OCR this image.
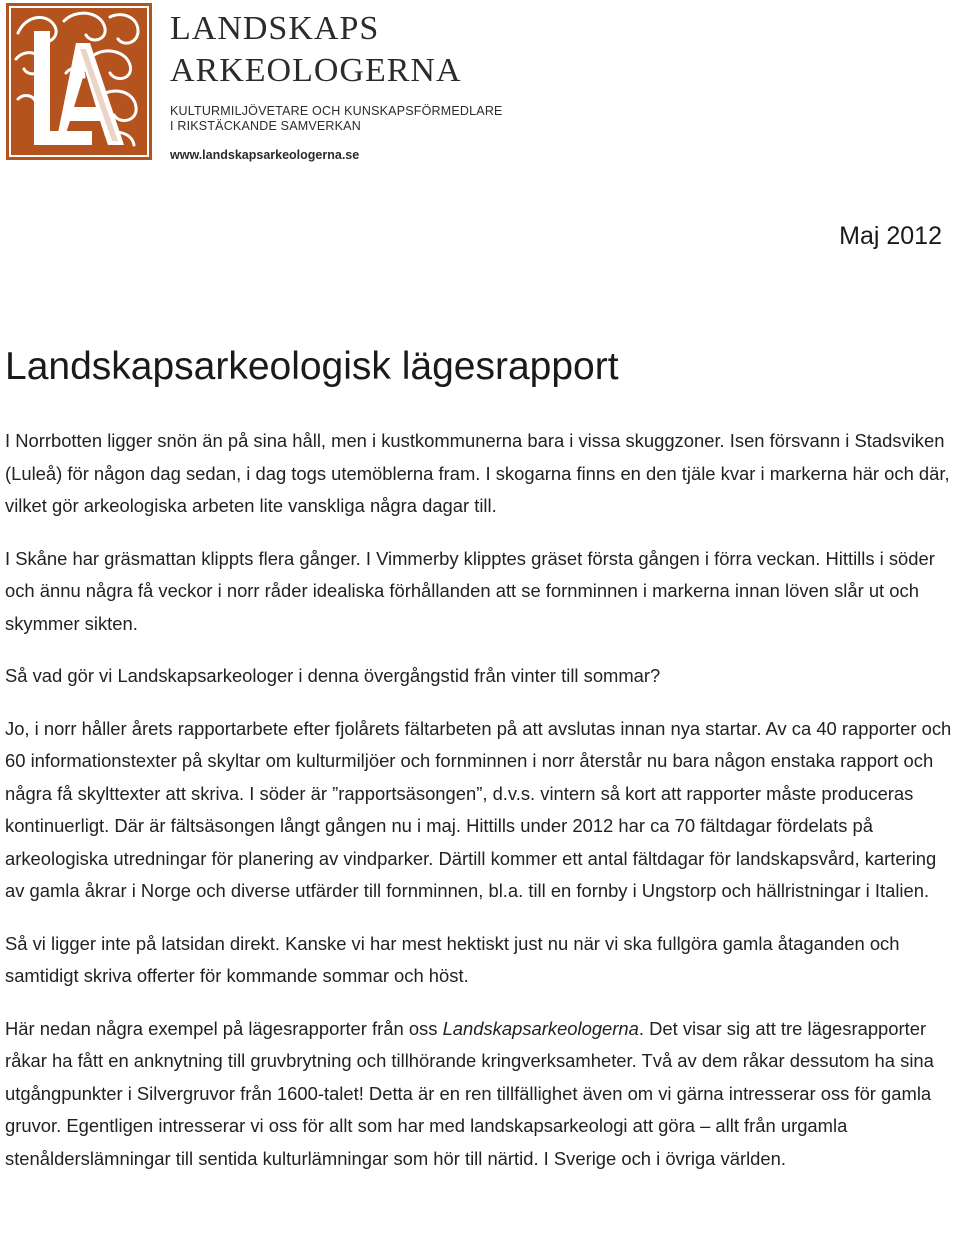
LANDSKAPS

ARKEOLOGERNA

KULTURMILJÖVETARE OCH KUNSKAPSFÖRMEDLARE

I RIKSTÄCKANDE SAMVERKAN

www.landskapsarkeologerna.se
Maj 2012
Landskapsarkeologisk lägesrapport

I Norrbotten ligger snön än på sina håll, men i kustkommunerna bara i vissa skuggzoner. Isen försvann i Stadsviken (Luleå) för någon dag sedan, i dag togs utemöblerna fram. I skogarna finns en den tjäle kvar i markerna här och där, vilket gör arkeologiska arbeten lite vanskliga några dagar till.

I Skåne har gräsmattan klippts flera gånger. I Vimmerby klipptes gräset första gången i förra veckan. Hittills i söder och ännu några få veckor i norr råder idealiska förhållanden att se fornminnen i markerna innan löven slår ut och skymmer sikten.

Så vad gör vi Landskapsarkeologer i denna övergångstid från vinter till sommar?

Jo, i norr håller årets rapportarbete efter fjolårets fältarbeten på att avslutas innan nya startar. Av ca 40 rapporter och 60 informationstexter på skyltar om kulturmiljöer och fornminnen i norr återstår nu bara någon enstaka rapport och några få skylttexter att skriva. I söder är ”rapportsäsongen”, d.v.s. vintern så kort att rapporter måste produceras kontinuerligt. Där är fältsäsongen långt gången nu i maj. Hittills under 2012 har ca 70 fältdagar fördelats på arkeologiska utredningar för planering av vindparker. Därtill kommer ett antal fältdagar för landskapsvård, kartering av gamla åkrar i Norge och diverse utfärder till fornminnen, bl.a. till en fornby i Ungstorp och hällristningar i Italien.

Så vi ligger inte på latsidan direkt. Kanske vi har mest hektiskt just nu när vi ska fullgöra gamla åtaganden och samtidigt skriva offerter för kommande sommar och höst.

Här nedan några exempel på lägesrapporter från oss Landskapsarkeologerna. Det visar sig att tre lägesrapporter råkar ha fått en anknytning till gruvbrytning och tillhörande kringverksamheter. Två av dem råkar dessutom ha sina utgångpunkter i Silvergruvor från 1600-talet! Detta är en ren tillfällighet även om vi gärna intresserar oss för gamla gruvor. Egentligen intresserar vi oss för allt som har med landskapsarkeologi att göra – allt från urgamla stenålderslämningar till sentida kulturlämningar som hör till närtid. I Sverige och i övriga världen.
